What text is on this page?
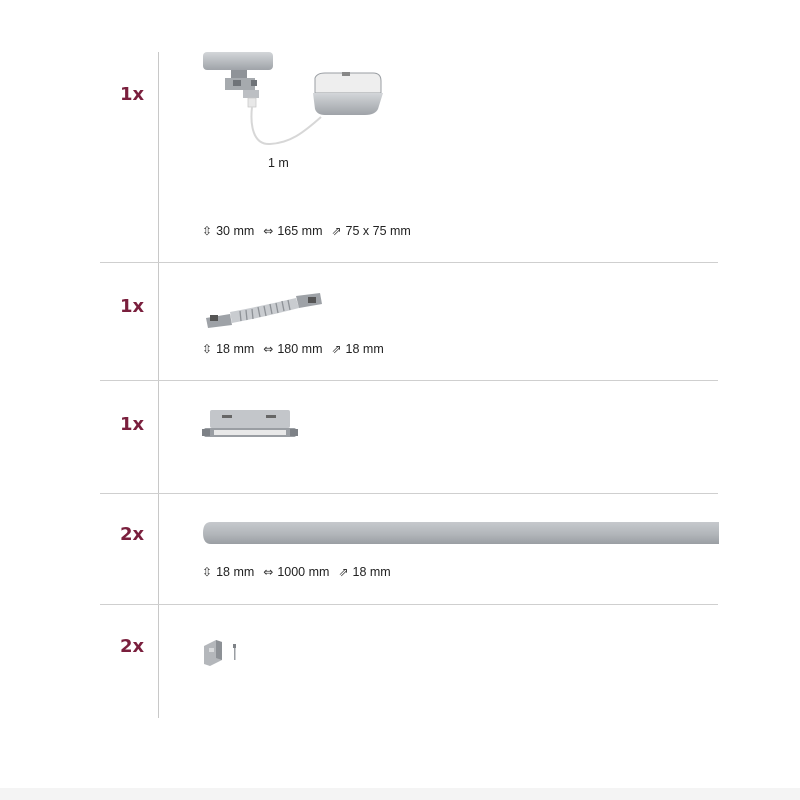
1x
1 m
⇳ 30 mm ⇔ 165 mm ⇗ 75 x 75 mm
1x
⇳ 18 mm ⇔ 180 mm ⇗ 18 mm
1x
2x
⇳ 18 mm ⇔ 1000 mm ⇗ 18 mm
2x
